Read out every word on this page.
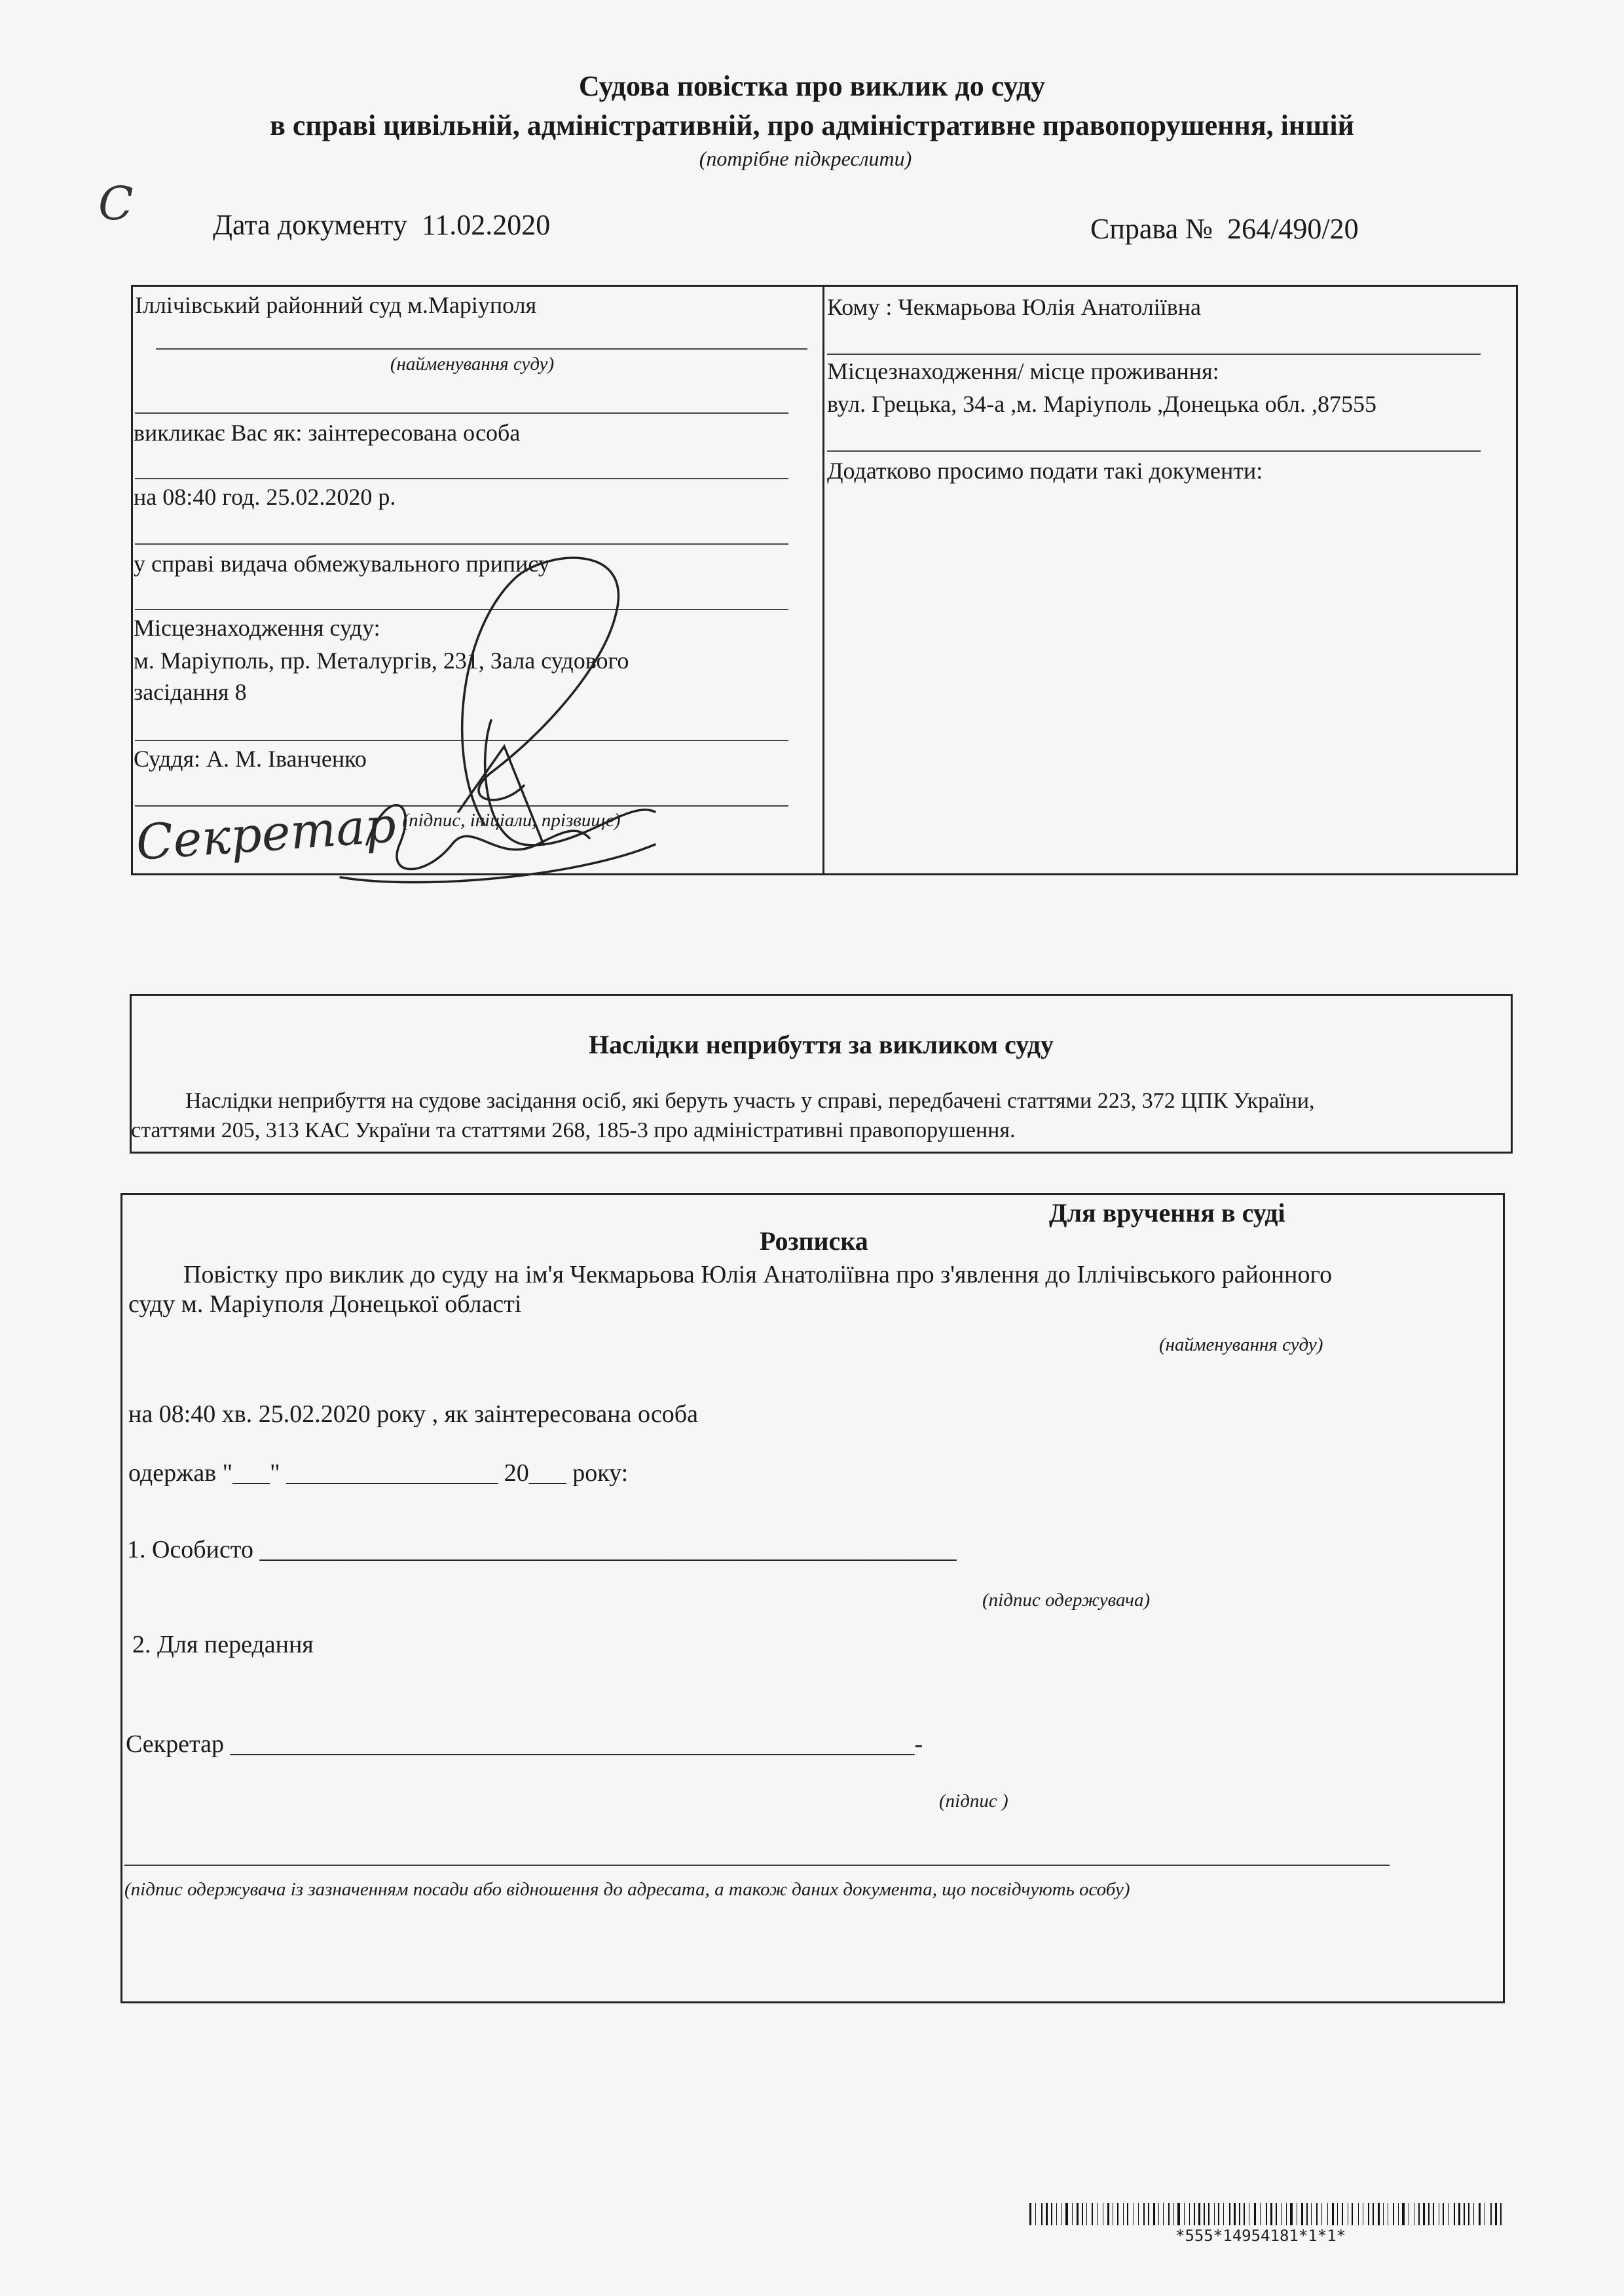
Судова повістка про виклик до суду
в справі цивільній, адміністративній, про адміністративне правопорушення, іншій
(потрібне підкреслити)
С	Дата документу 11.02.2020	Справа № 264/490/20
Іллічівський районний суд м.Маріуполя
(найменування суду)
викликає Вас як: заінтересована особа
на 08:40 год. 25.02.2020 р.
у справі видача обмежувального припису
Місцезнаходження суду:
м. Маріуполь, пр. Металургів, 231, Зала судового
засідання 8
Суддя: А. М. Іванченко
(підпис, ініціали, прізвище)
Секретар
Кому : Чекмарьова Юлія Анатоліївна
Місцезнаходження/ місце проживання:
вул. Грецька, 34-а ,м. Маріуполь ,Донецька обл. ,87555
Додатково просимо подати такі документи:
Наслідки неприбуття за викликом суду
Наслідки неприбуття на судове засідання осіб, які беруть участь у справі, передбачені статтями 223, 372 ЦПК України,
статтями 205, 313 КАС України та статтями 268, 185-3 про адміністративні правопорушення.
Для вручення в суді
Розписка
Повістку про виклик до суду на ім'я Чекмарьова Юлія Анатоліївна про з'явлення до Іллічівського районного
суду м. Маріуполя Донецької області
(найменування суду)
на 08:40 хв. 25.02.2020 року , як заінтересована особа
одержав "___" _________________ 20___ року:
1. Особисто ________________________________________________________
(підпис одержувача)
2. Для передання
Секретар _______________________________________________________-
(підпис )
(підпис одержувача із зазначенням посади або відношення до адресата, а також даних документа, що посвідчують особу)
*555*14954181*1*1*
